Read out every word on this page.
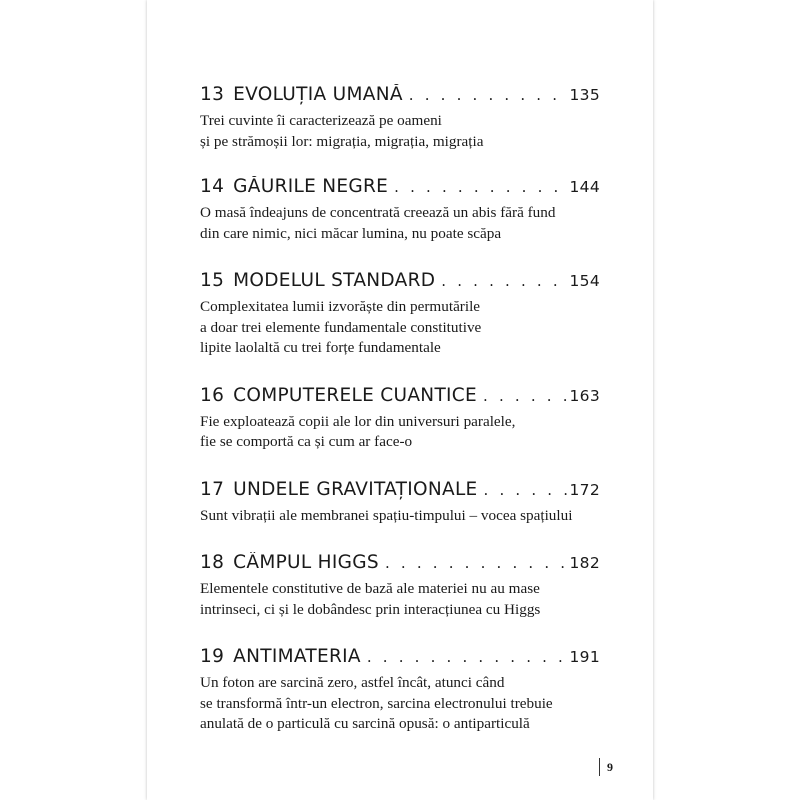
13 EVOLUȚIA UMANĂ . . .	135
Trei cuvinte îi caracterizează pe oameni
și pe strămoșii lor: migrația, migrația, migrația
14 GĂURILE NEGRE . . .	144
O masă îndeajuns de concentrată creează un abis fără fund
din care nimic, nici măcar lumina, nu poate scăpa
15 MODELUL STANDARD . . .	154
Complexitatea lumii izvorăște din permutările
a doar trei elemente fundamentale constitutive
lipite laolaltă cu trei forțe fundamentale
16 COMPUTERELE CUANTICE . . .	163
Fie exploatează copii ale lor din universuri paralele,
fie se comportă ca și cum ar face-o
17 UNDELE GRAVITAȚIONALE . . .	172
Sunt vibrații ale membranei spațiu-timpului – vocea spațiului
18 CÂMPUL HIGGS . . .	182
Elementele constitutive de bază ale materiei nu au mase
intrinseci, ci și le dobândesc prin interacțiunea cu Higgs
19 ANTIMATERIA . . .	191
Un foton are sarcină zero, astfel încât, atunci când
se transformă într-un electron, sarcina electronului trebuie
anulată de o particulă cu sarcină opusă: o antiparticulă
9
